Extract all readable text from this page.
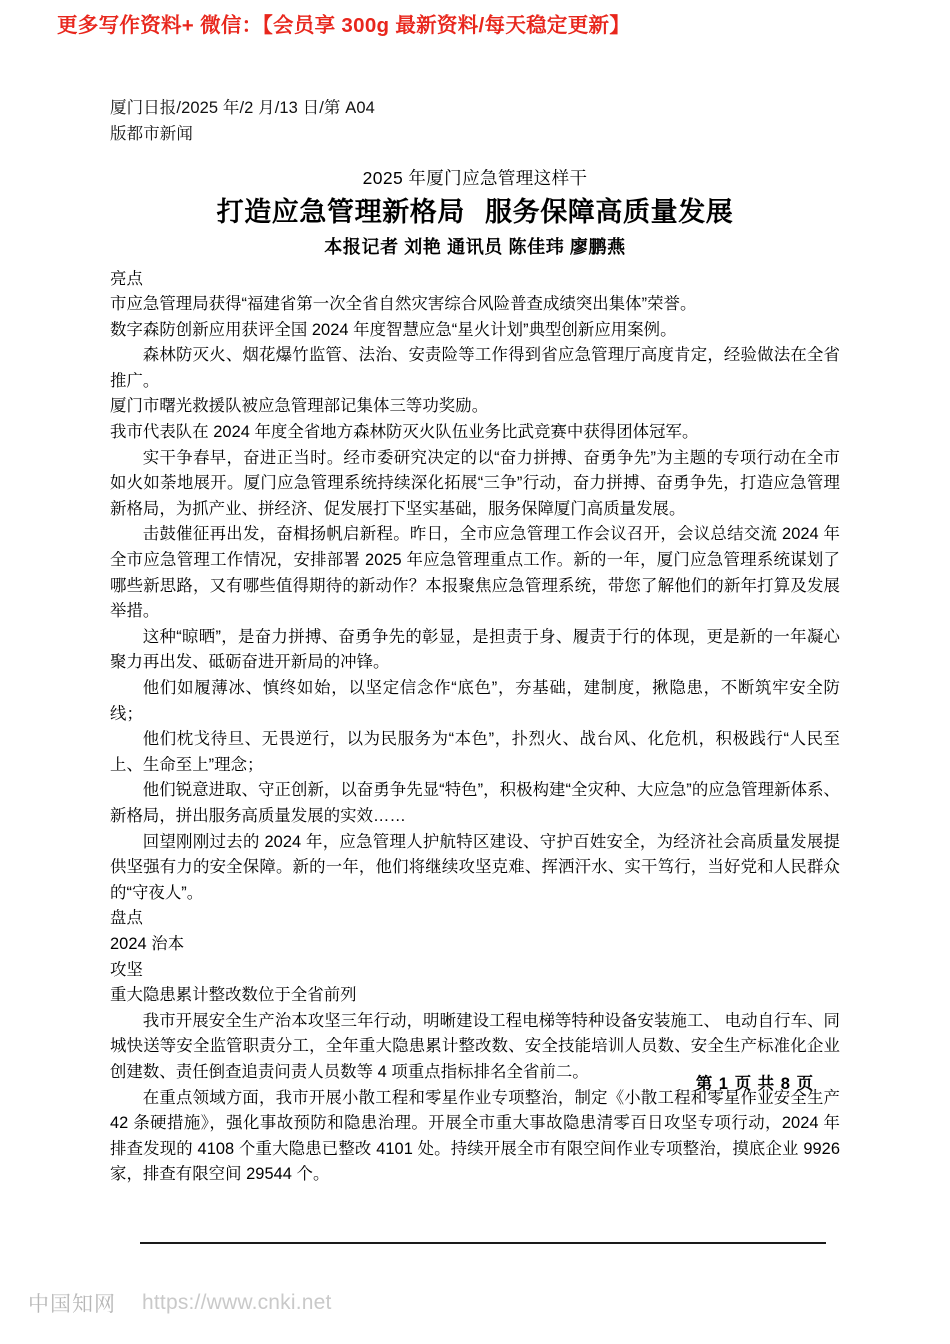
更多写作资料+ 微信：【会员享 300g 最新资料/每天稳定更新】
厦门日报/2025 年/2 月/13 日/第 A04
版都市新闻
2025 年厦门应急管理这样干
打造应急管理新格局 服务保障高质量发展
本报记者 刘艳 通讯员 陈佳玮 廖鹏燕

亮点

市应急管理局获得“福建省第一次全省自然灾害综合风险普查成绩突出集体”荣誉。

数字森防创新应用获评全国 2024 年度智慧应急“星火计划”典型创新应用案例。

森林防灭火、烟花爆竹监管、法治、安责险等工作得到省应急管理厅高度肯定，经验做法在全省推广。

厦门市曙光救援队被应急管理部记集体三等功奖励。

我市代表队在 2024 年度全省地方森林防灭火队伍业务比武竞赛中获得团体冠军。

实干争春早，奋进正当时。经市委研究决定的以“奋力拼搏、奋勇争先”为主题的专项行动在全市如火如荼地展开。厦门应急管理系统持续深化拓展“三争”行动，奋力拼搏、奋勇争先，打造应急管理新格局，为抓产业、拼经济、促发展打下坚实基础，服务保障厦门高质量发展。

击鼓催征再出发，奋楫扬帆启新程。昨日，全市应急管理工作会议召开，会议总结交流 2024 年全市应急管理工作情况，安排部署 2025 年应急管理重点工作。新的一年，厦门应急管理系统谋划了哪些新思路，又有哪些值得期待的新动作？本报聚焦应急管理系统，带您了解他们的新年打算及发展举措。

这种“晾晒”，是奋力拼搏、奋勇争先的彰显，是担责于身、履责于行的体现，更是新的一年凝心聚力再出发、砥砺奋进开新局的冲锋。

他们如履薄冰、慎终如始，以坚定信念作“底色”，夯基础，建制度，揪隐患，不断筑牢安全防线；

他们枕戈待旦、无畏逆行，以为民服务为“本色”，扑烈火、战台风、化危机，积极践行“人民至上、生命至上”理念；

他们锐意进取、守正创新，以奋勇争先显“特色”，积极构建“全灾种、大应急”的应急管理新体系、新格局，拼出服务高质量发展的实效……

回望刚刚过去的 2024 年，应急管理人护航特区建设、守护百姓安全，为经济社会高质量发展提供坚强有力的安全保障。新的一年，他们将继续攻坚克难、挥洒汗水、实干笃行，当好党和人民群众的“守夜人”。

盘点

2024 治本

攻坚

重大隐患累计整改数位于全省前列

我市开展安全生产治本攻坚三年行动，明晰建设工程电梯等特种设备安装施工、 电动自行车、同城快送等安全监管职责分工，全年重大隐患累计整改数、安全技能培训人员数、安全生产标准化企业创建数、责任倒查追责问责人员数等 4 项重点指标排名全省前二。

在重点领域方面，我市开展小散工程和零星作业专项整治，制定《小散工程和零星作业安全生产 42 条硬措施》，强化事故预防和隐患治理。开展全市重大事故隐患清零百日攻坚专项行动，2024 年排查发现的 4108 个重大隐患已整改 4101 处。持续开展全市有限空间作业专项整治，摸底企业 9926 家，排查有限空间 29544 个。

第 1 页 共 8 页
中国知网 https://www.cnki.net
